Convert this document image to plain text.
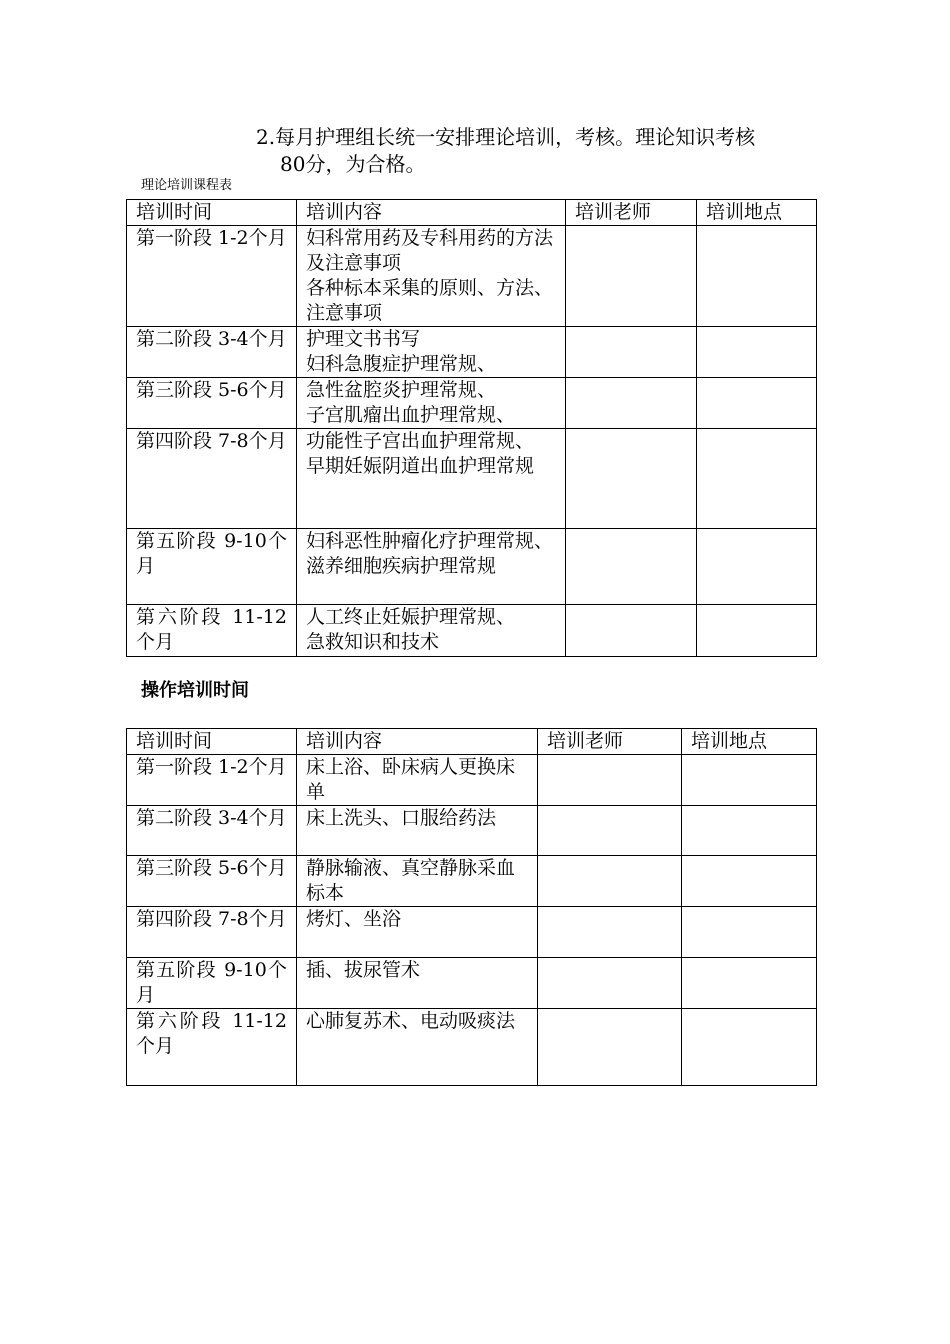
2.每月护理组长统一安排理论培训，考核。理论知识考核
80分，为合格。
理论培训课程表
培训时间	培训内容	培训老师	培训地点
第一阶段 1-2个月	妇科常用药及专科用药的方法及注意事项
各种标本采集的原则、方法、注意事项		

第二阶段 3-4个月	护理文书书写
妇科急腹症护理常规、		

第三阶段 5-6个月	急性盆腔炎护理常规、
子宫肌瘤出血护理常规、		

第四阶段 7-8个月	功能性子宫出血护理常规、
早期妊娠阴道出血护理常规		

第五阶段 9-10个月	妇科恶性肿瘤化疗护理常规、
滋养细胞疾病护理常规		

第六阶段 11-12个月	人工终止妊娠护理常规、
急救知识和技术		

操作培训时间
培训时间	培训内容	培训老师	培训地点
第一阶段 1-2个月	床上浴、卧床病人更换床单		

第二阶段 3-4个月	床上洗头、口服给药法		

第三阶段 5-6个月	静脉输液、真空静脉采血标本		

第四阶段 7-8个月	烤灯、坐浴		

第五阶段 9-10个月	插、拔尿管术		

第六阶段 11-12个月	心肺复苏术、电动吸痰法		
